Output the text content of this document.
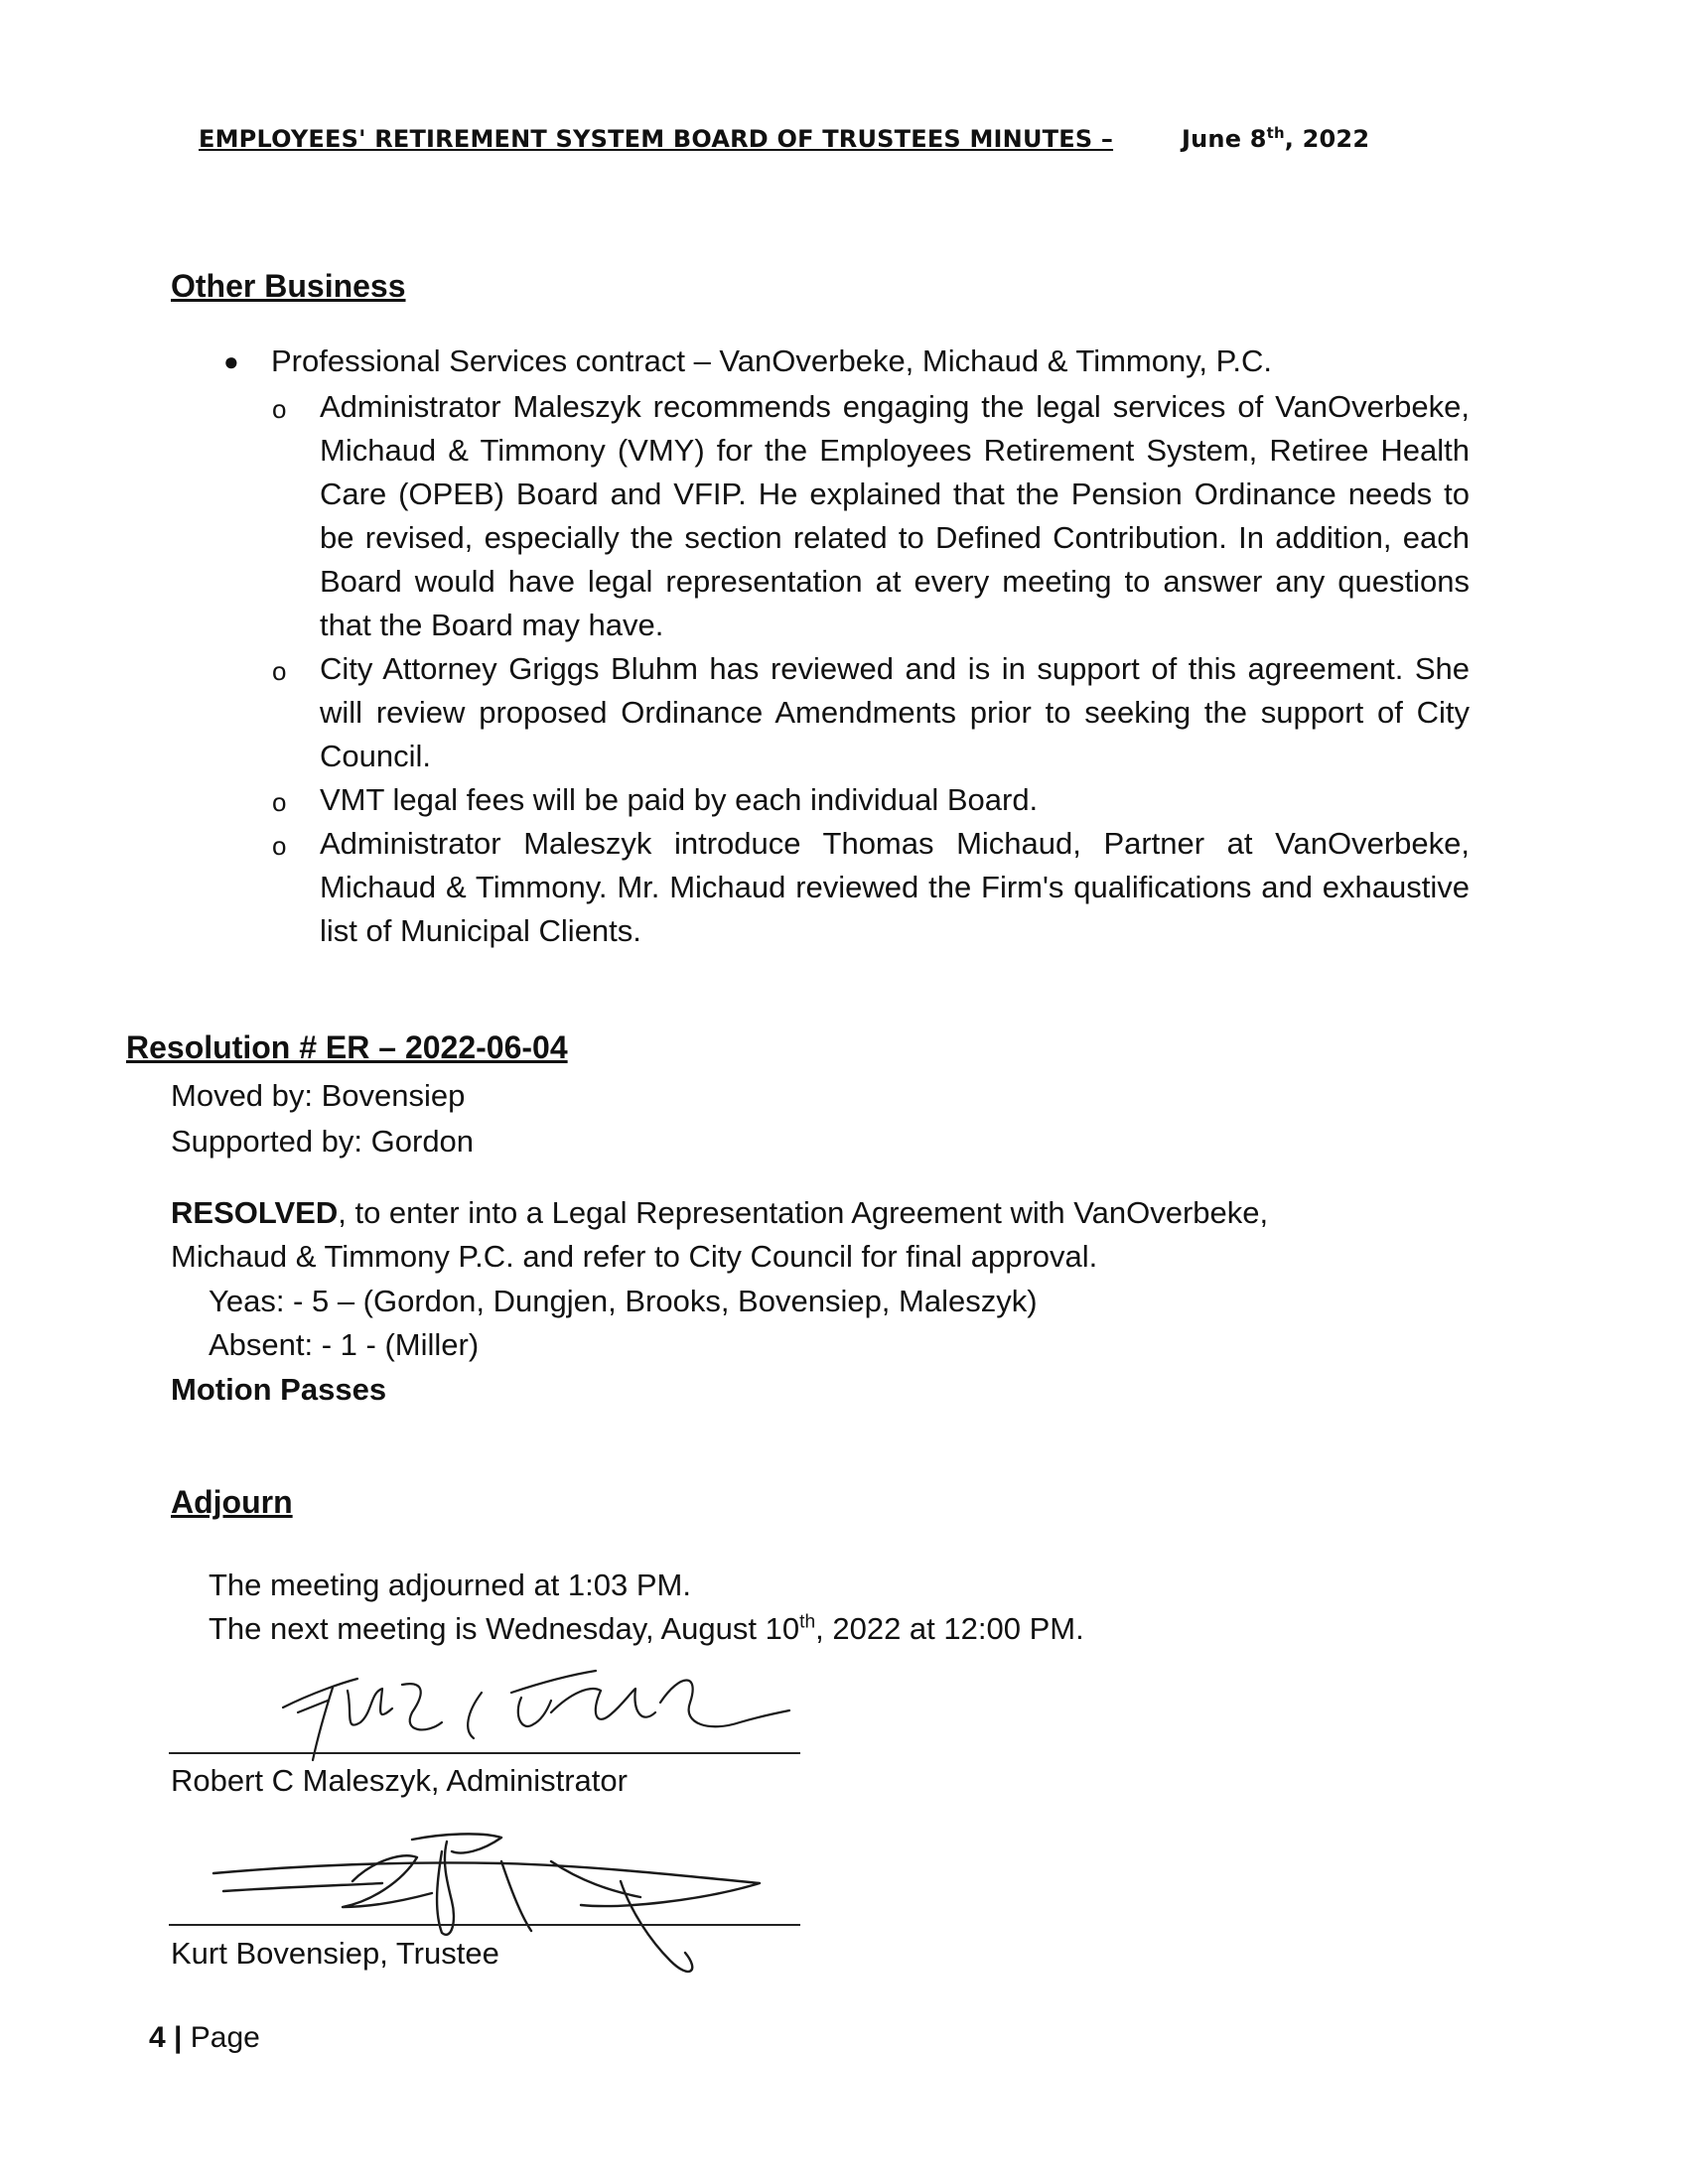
EMPLOYEES' RETIREMENT SYSTEM BOARD OF TRUSTEES MINUTES –	June 8th, 2022
Other Business
● Professional Services contract – VanOverbeke, Michaud & Timmony, P.C.
o Administrator Maleszyk recommends engaging the legal services of VanOverbeke, Michaud & Timmony (VMY) for the Employees Retirement System, Retiree Health Care (OPEB) Board and VFIP. He explained that the Pension Ordinance needs to be revised, especially the section related to Defined Contribution. In addition, each Board would have legal representation at every meeting to answer any questions that the Board may have.
o City Attorney Griggs Bluhm has reviewed and is in support of this agreement. She will review proposed Ordinance Amendments prior to seeking the support of City Council.
o VMT legal fees will be paid by each individual Board.
o Administrator Maleszyk introduce Thomas Michaud, Partner at VanOverbeke, Michaud & Timmony. Mr. Michaud reviewed the Firm's qualifications and exhaustive list of Municipal Clients.
Resolution # ER – 2022-06-04
Moved by: Bovensiep
Supported by: Gordon
RESOLVED, to enter into a Legal Representation Agreement with VanOverbeke,
Michaud & Timmony P.C. and refer to City Council for final approval.
Yeas: - 5 – (Gordon, Dungjen, Brooks, Bovensiep, Maleszyk)
Absent: - 1 - (Miller)
Motion Passes
Adjourn
The meeting adjourned at 1:03 PM.
The next meeting is Wednesday, August 10th, 2022 at 12:00 PM.
Robert C Maleszyk, Administrator
Kurt Bovensiep, Trustee
4 | Page
